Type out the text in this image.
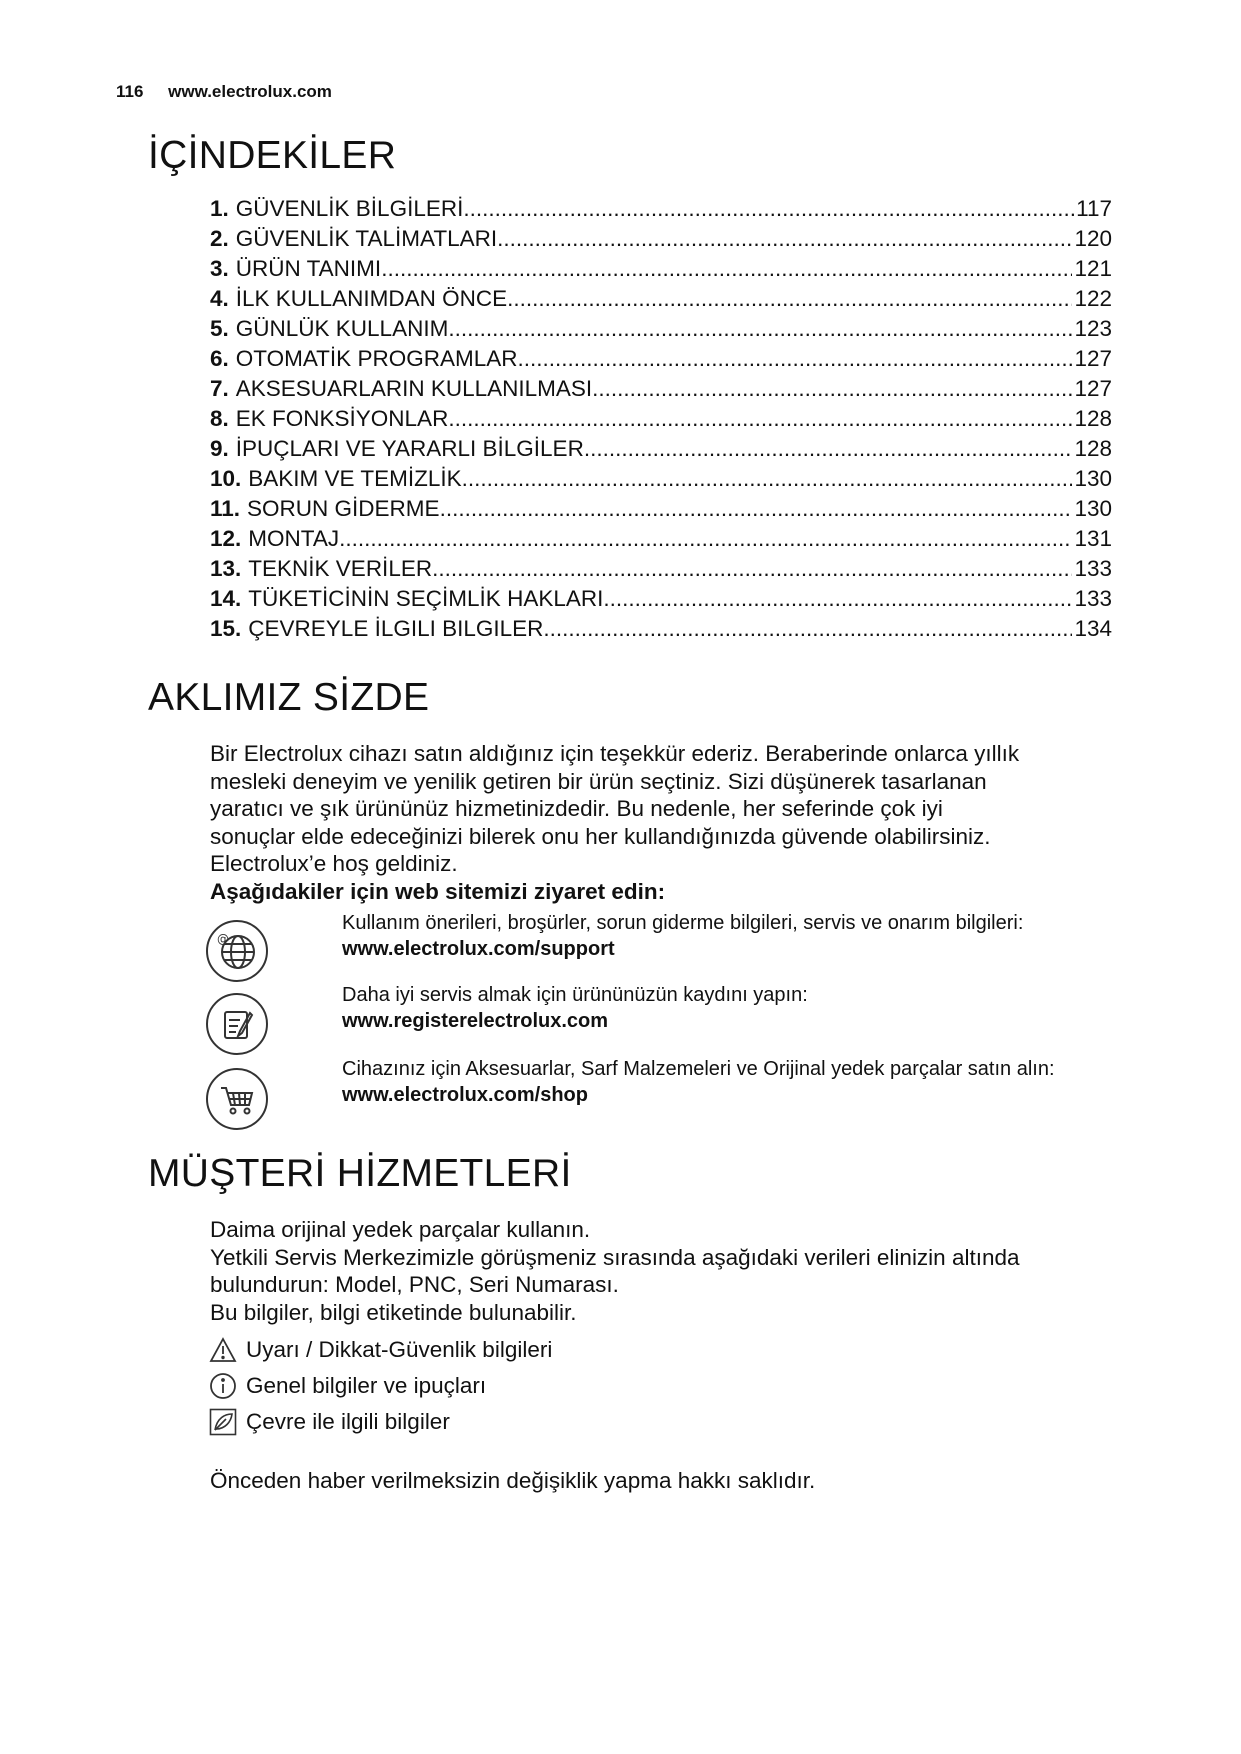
116 www.electrolux.com
İÇİNDEKİLER
1. GÜVENLİK BİLGİLERİ .....	117
2. GÜVENLİK TALİMATLARI .....	120
3. ÜRÜN TANIMI .....	121
4. İLK KULLANIMDAN ÖNCE .....	122
5. GÜNLÜK KULLANIM .....	123
6. OTOMATİK PROGRAMLAR .....	127
7. AKSESUARLARIN KULLANILMASI .....	127
8. EK FONKSİYONLAR .....	128
9. İPUÇLARI VE YARARLI BİLGİLER .....	128
10. BAKIM VE TEMİZLİK .....	130
11. SORUN GİDERME .....	130
12. MONTAJ .....	131
13. TEKNİK VERİLER .....	133
14. TÜKETİCİNİN SEÇİMLİK HAKLARI .....	133
15. ÇEVREYLE İLGILI BILGILER .....	134
AKLIMIZ SİZDE
Bir Electrolux cihazı satın aldığınız için teşekkür ederiz. Beraberinde onlarca yıllık
mesleki deneyim ve yenilik getiren bir ürün seçtiniz. Sizi düşünerek tasarlanan
yaratıcı ve şık ürününüz hizmetinizdedir. Bu nedenle, her seferinde çok iyi
sonuçlar elde edeceğinizi bilerek onu her kullandığınızda güvende olabilirsiniz.
Electrolux’e hoş geldiniz.
Aşağıdakiler için web sitemizi ziyaret edin:
@
Kullanım önerileri, broşürler, sorun giderme bilgileri, servis ve onarım bilgileri:
www.electrolux.com/support
Daha iyi servis almak için ürününüzün kaydını yapın:
www.registerelectrolux.com
Cihazınız için Aksesuarlar, Sarf Malzemeleri ve Orijinal yedek parçalar satın alın:
www.electrolux.com/shop
MÜŞTERİ HİZMETLERİ
Daima orijinal yedek parçalar kullanın.
Yetkili Servis Merkezimizle görüşmeniz sırasında aşağıdaki verileri elinizin altında
bulundurun: Model, PNC, Seri Numarası.
Bu bilgiler, bilgi etiketinde bulunabilir.
Uyarı / Dikkat-Güvenlik bilgileri
Genel bilgiler ve ipuçları
Çevre ile ilgili bilgiler
Önceden haber verilmeksizin değişiklik yapma hakkı saklıdır.
